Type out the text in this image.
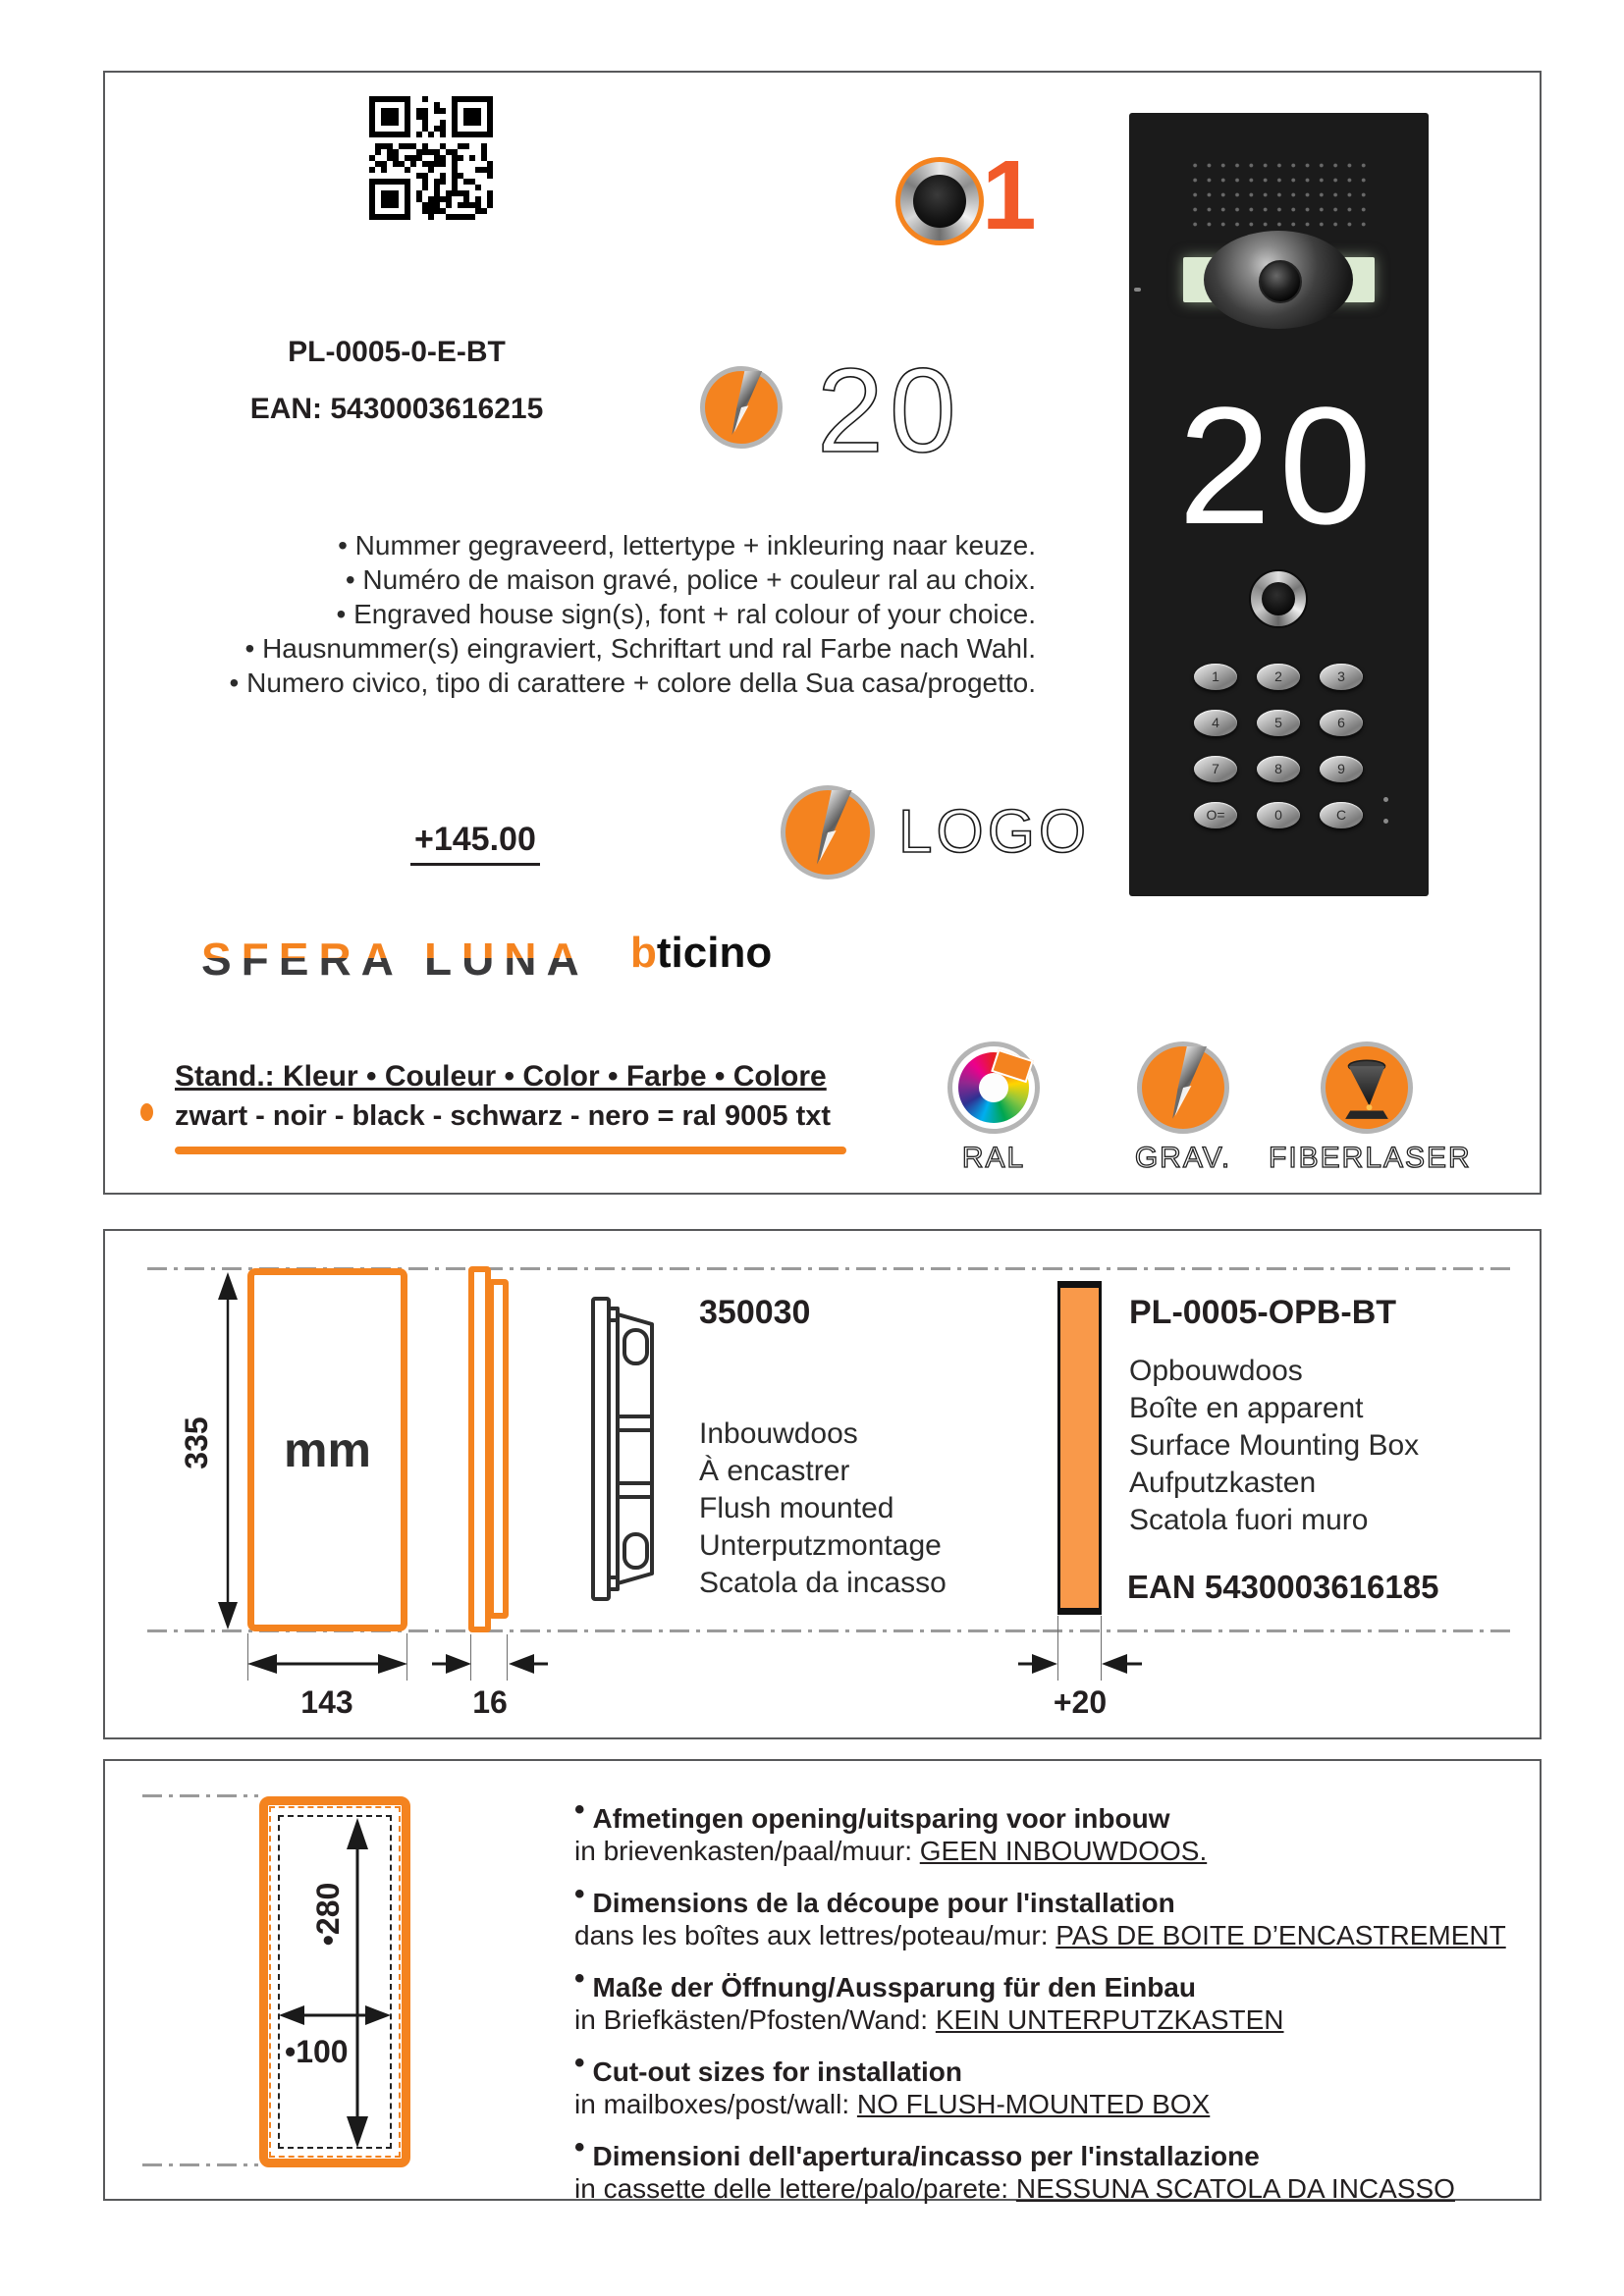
PL-0005-0-E-BT
EAN: 5430003616215
1
20
• Nummer gegraveerd, lettertype + inkleuring naar keuze.
• Numéro de maison gravé, police + couleur ral au choix.
• Engraved house sign(s), font + ral colour of your choice.
• Hausnummer(s) eingraviert, Schriftart und ral Farbe nach Wahl.
• Numero civico, tipo di carattere + colore della Sua casa/progetto.
+145.00	LOGO
SFERA LUNA bticino
Stand.: Kleur • Couleur • Color • Farbe • Colore
zwart - noir - black - schwarz - nero = ral 9005 txt
RAL	GRAV.	FIBERLASER
20
1	2	3
4	5	6
7	8	9
O=	0	C
335 mm
350030
Inbouwdoos
À encastrer
Flush mounted
Unterputzmontage
Scatola da incasso
PL-0005-OPB-BT
Opbouwdoos
Boîte en apparent
Surface Mounting Box
Aufputzkasten
Scatola fuori muro
EAN 5430003616185
143	16	+20
•280
•100
• Afmetingen opening/uitsparing voor inbouw
in brievenkasten/paal/muur: GEEN INBOUWDOOS.
• Dimensions de la découpe pour l'installation
dans les boîtes aux lettres/poteau/mur: PAS DE BOITE D’ENCASTREMENT
• Maße der Öffnung/Aussparung für den Einbau
in Briefkästen/Pfosten/Wand: KEIN UNTERPUTZKASTEN
• Cut-out sizes for installation
in mailboxes/post/wall: NO FLUSH-MOUNTED BOX
• Dimensioni dell'apertura/incasso per l'installazione
in cassette delle lettere/palo/parete: NESSUNA SCATOLA DA INCASSO
